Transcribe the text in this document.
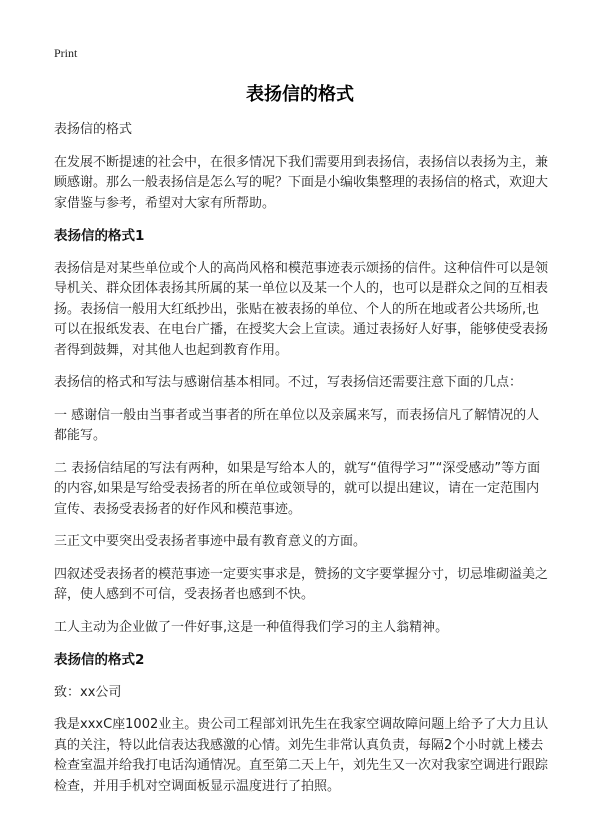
Print
表扬信的格式

表扬信的格式

在发展不断提速的社会中，在很多情况下我们需要用到表扬信，表扬信以表扬为主，兼顾感谢。那么一般表扬信是怎么写的呢？下面是小编收集整理的表扬信的格式，欢迎大家借鉴与参考，希望对大家有所帮助。

表扬信的格式1

表扬信是对某些单位或个人的高尚风格和模范事迹表示颂扬的信件。这种信件可以是领导机关、群众团体表扬其所属的某一单位以及某一个人的，也可以是群众之间的互相表扬。表扬信一般用大红纸抄出，张贴在被表扬的单位、个人的所在地或者公共场所,也可以在报纸发表、在电台广播，在授奖大会上宣读。通过表扬好人好事，能够使受表扬者得到鼓舞，对其他人也起到教育作用。

表扬信的格式和写法与感谢信基本相同。不过，写表扬信还需要注意下面的几点：

一 感谢信一般由当事者或当事者的所在单位以及亲属来写，而表扬信凡了解情况的人都能写。

二 表扬信结尾的写法有两种，如果是写给本人的，就写“值得学习”“深受感动”等方面的内容,如果是写给受表扬者的所在单位或领导的，就可以提出建议，请在一定范围内宣传、表扬受表扬者的好作风和模范事迹。

三正文中要突出受表扬者事迹中最有教育意义的方面。

四叙述受表扬者的模范事迹一定要实事求是，赞扬的文字要掌握分寸，切忌堆砌溢美之辞，使人感到不可信，受表扬者也感到不快。

工人主动为企业做了一件好事,这是一种值得我们学习的主人翁精神。

表扬信的格式2

致：xx公司

我是xxxC座1002业主。贵公司工程部刘讯先生在我家空调故障问题上给予了大力且认真的关注，特以此信表达我感激的心情。刘先生非常认真负责，每隔2个小时就上楼去检查室温并给我打电话沟通情况。直至第二天上午，刘先生又一次对我家空调进行跟踪检查，并用手机对空调面板显示温度进行了拍照。
